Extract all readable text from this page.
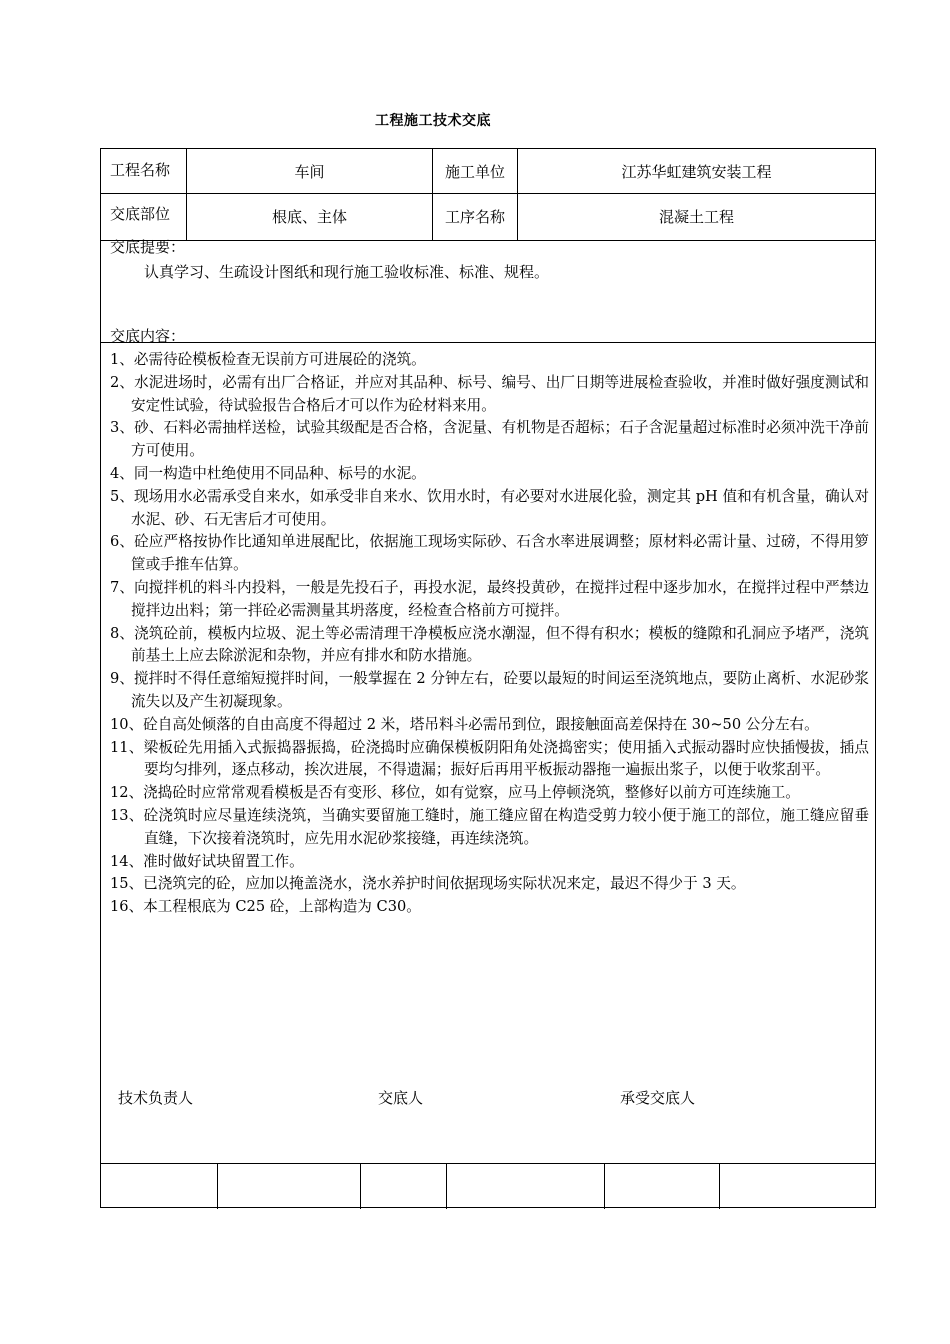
工程施工技术交底
工程名称	车间	施工单位	江苏华虹建筑安装工程
交底部位	根底、主体	工序名称	混凝土工程
交底提要：
认真学习、生疏设计图纸和现行施工验收标准、标准、规程。
交底内容：
1、必需待砼模板检查无误前方可进展砼的浇筑。
2、水泥进场时，必需有出厂合格证，并应对其品种、标号、编号、出厂日期等进展检查验收，并准时做好强度测试和安定性试验，待试验报告合格后才可以作为砼材料来用。
3、砂、石料必需抽样送检，试验其级配是否合格，含泥量、有机物是否超标；石子含泥量超过标准时必须冲洗干净前方可使用。
4、同一构造中杜绝使用不同品种、标号的水泥。
5、现场用水必需承受自来水，如承受非自来水、饮用水时，有必要对水进展化验，测定其 pH 值和有机含量，确认对水泥、砂、石无害后才可使用。
6、砼应严格按协作比通知单进展配比，依据施工现场实际砂、石含水率进展调整；原材料必需计量、过磅，不得用箩筐或手推车估算。
7、向搅拌机的料斗内投料，一般是先投石子，再投水泥，最终投黄砂，在搅拌过程中逐步加水，在搅拌过程中严禁边搅拌边出料；第一拌砼必需测量其坍落度，经检查合格前方可搅拌。
8、浇筑砼前，模板内垃圾、泥土等必需清理干净模板应浇水潮湿，但不得有积水；模板的缝隙和孔洞应予堵严，浇筑前基土上应去除淤泥和杂物，并应有排水和防水措施。
9、搅拌时不得任意缩短搅拌时间，一般掌握在 2 分钟左右，砼要以最短的时间运至浇筑地点，要防止离析、水泥砂浆流失以及产生初凝现象。
10、砼自高处倾落的自由高度不得超过 2 米，塔吊料斗必需吊到位，跟接触面高差保持在 30~50 公分左右。
11、梁板砼先用插入式振捣器振捣，砼浇捣时应确保模板阴阳角处浇捣密实；使用插入式振动器时应快插慢拔，插点要均匀排列，逐点移动，挨次进展，不得遗漏；振好后再用平板振动器拖一遍振出浆子，以便于收浆刮平。
12、浇捣砼时应常常观看模板是否有变形、移位，如有觉察，应马上停顿浇筑，整修好以前方可连续施工。
13、砼浇筑时应尽量连续浇筑，当确实要留施工缝时，施工缝应留在构造受剪力较小便于施工的部位，施工缝应留垂直缝，下次接着浇筑时，应先用水泥砂浆接缝，再连续浇筑。
14、准时做好试块留置工作。
15、已浇筑完的砼，应加以掩盖浇水，浇水养护时间依据现场实际状况来定，最迟不得少于 3 天。
16、本工程根底为 C25 砼，上部构造为 C30。
技术负责人	交底人	承受交底人
